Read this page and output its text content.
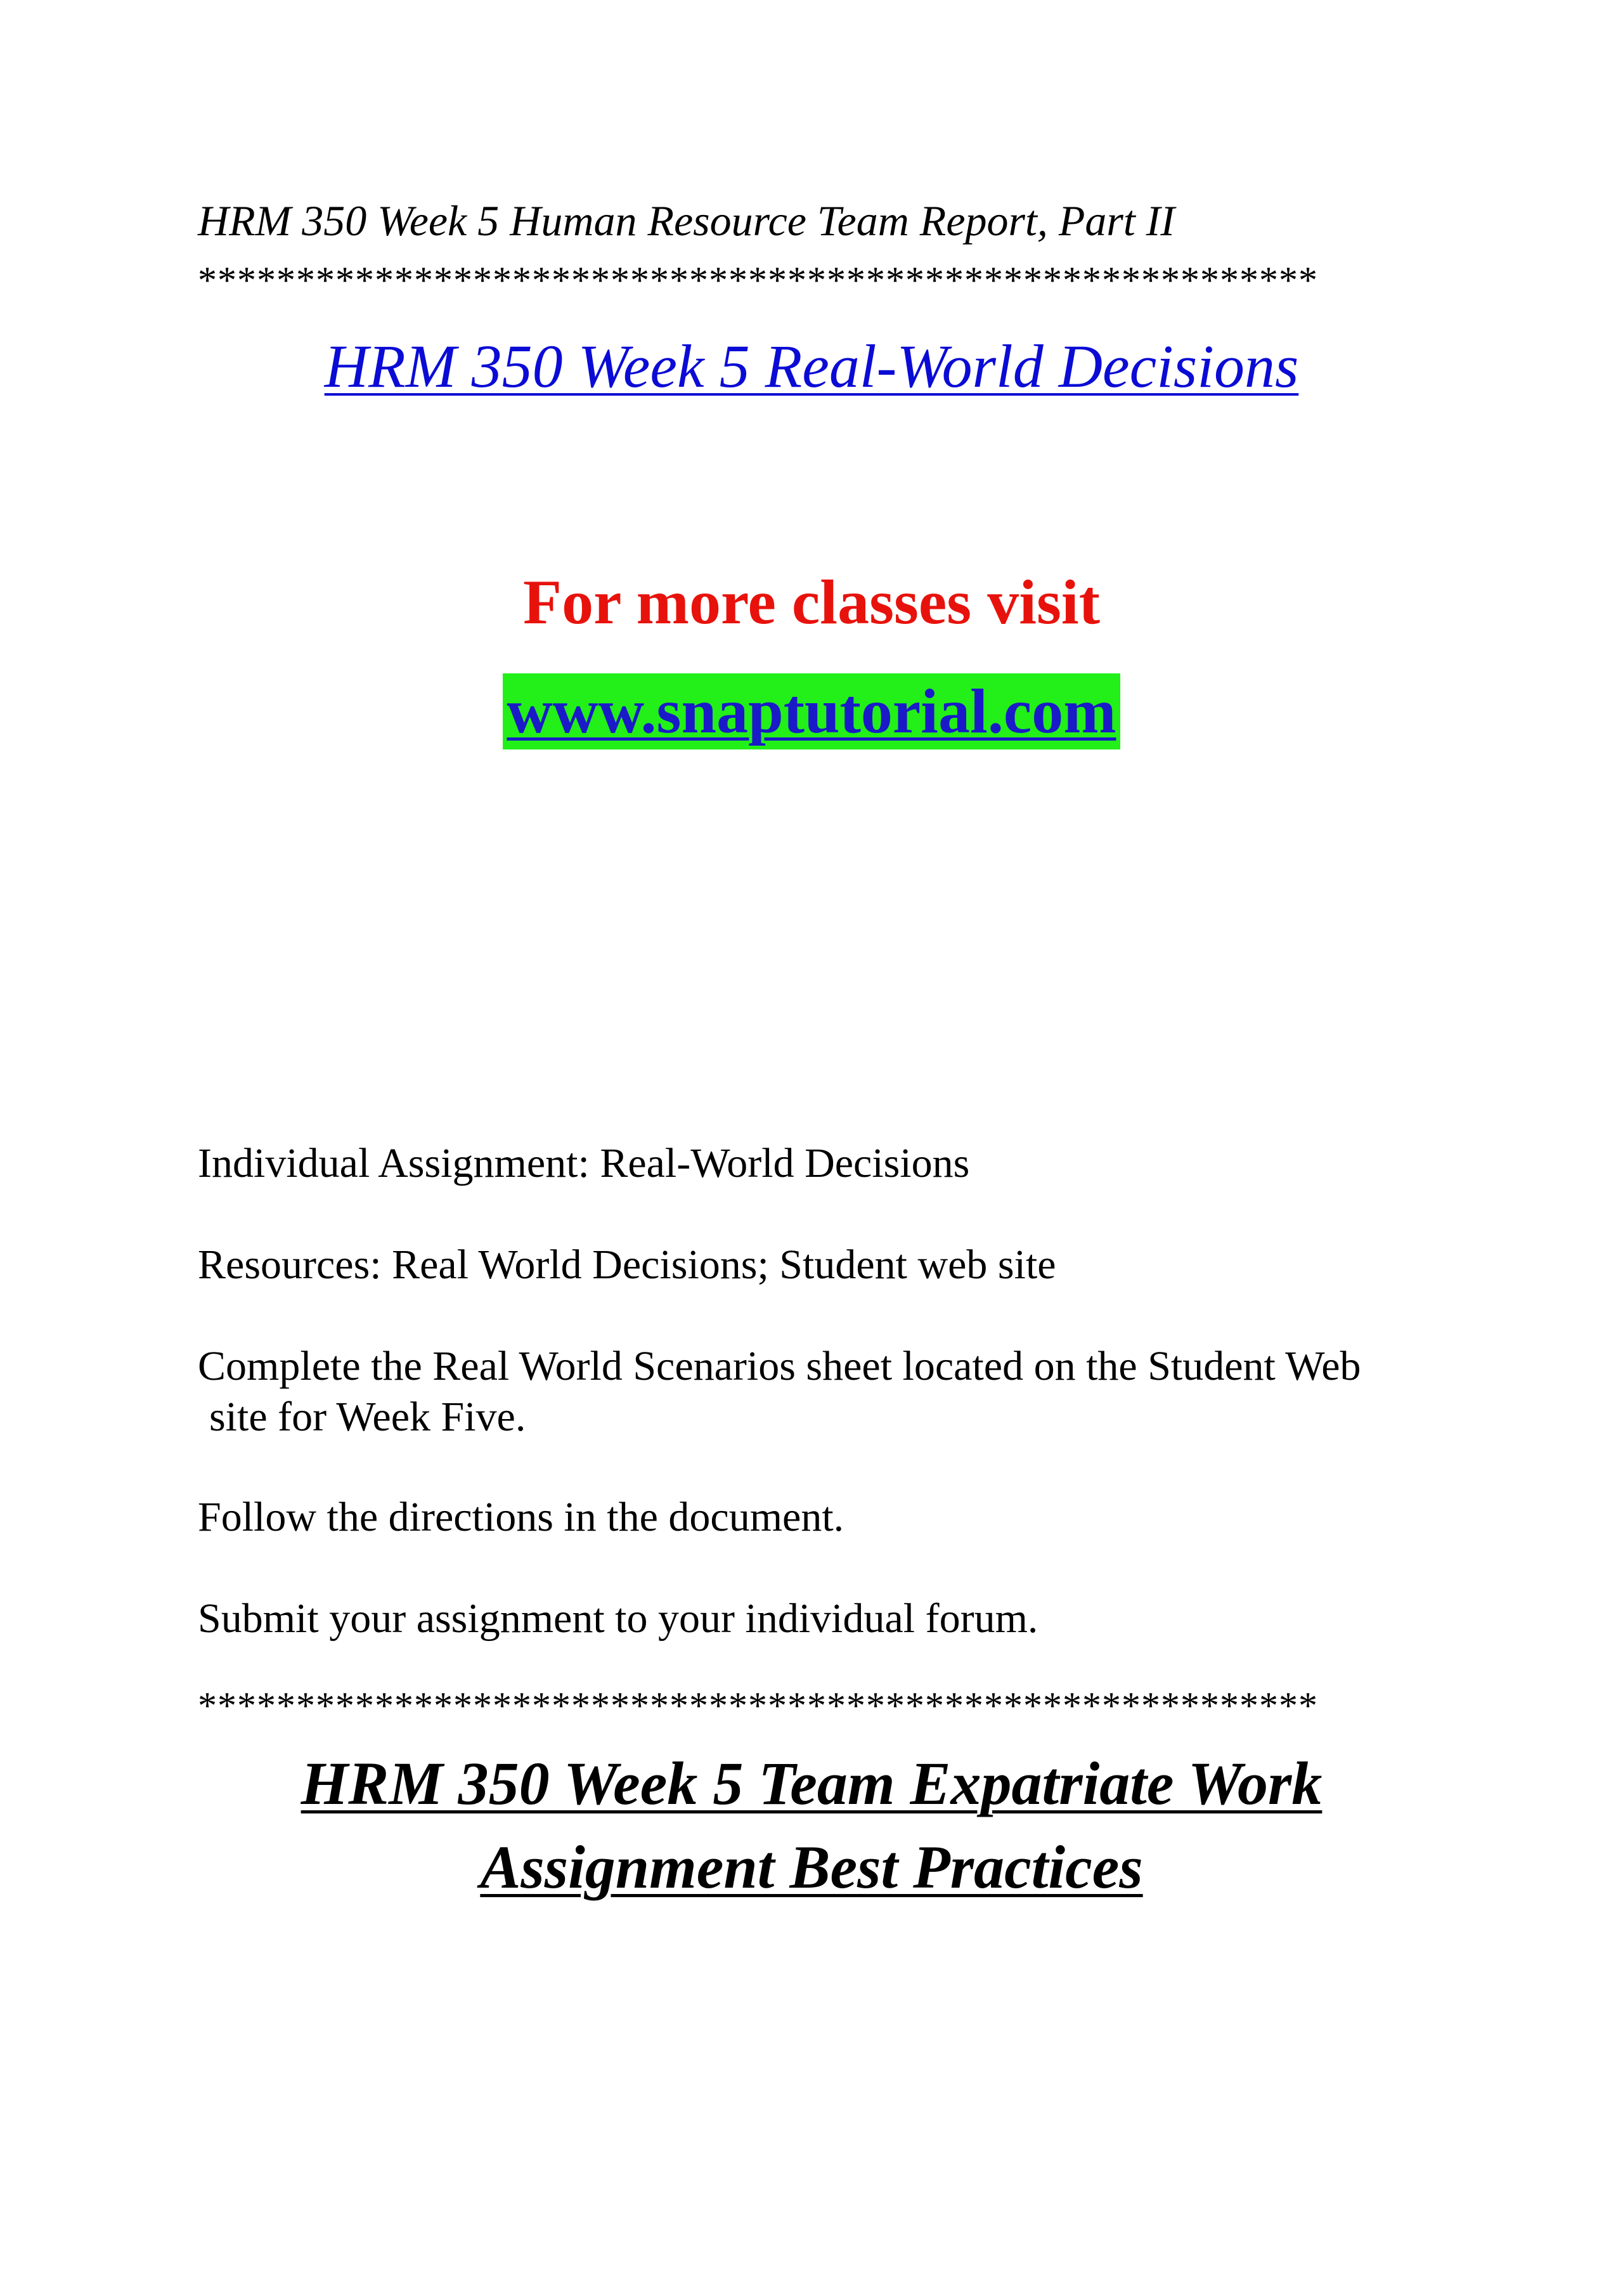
HRM 350 Week 5 Human Resource Team Report, Part II

*********************************************************
HRM 350 Week 5 Real-World Decisions
For more classes visit
www.snaptutorial.com

Individual Assignment: Real-World Decisions

Resources: Real World Decisions; Student web site

Complete the Real World Scenarios sheet located on the Student Web

site for Week Five.

Follow the directions in the document.

Submit your assignment to your individual forum.

*********************************************************
HRM 350 Week 5 Team Expatriate Work
Assignment Best Practices
